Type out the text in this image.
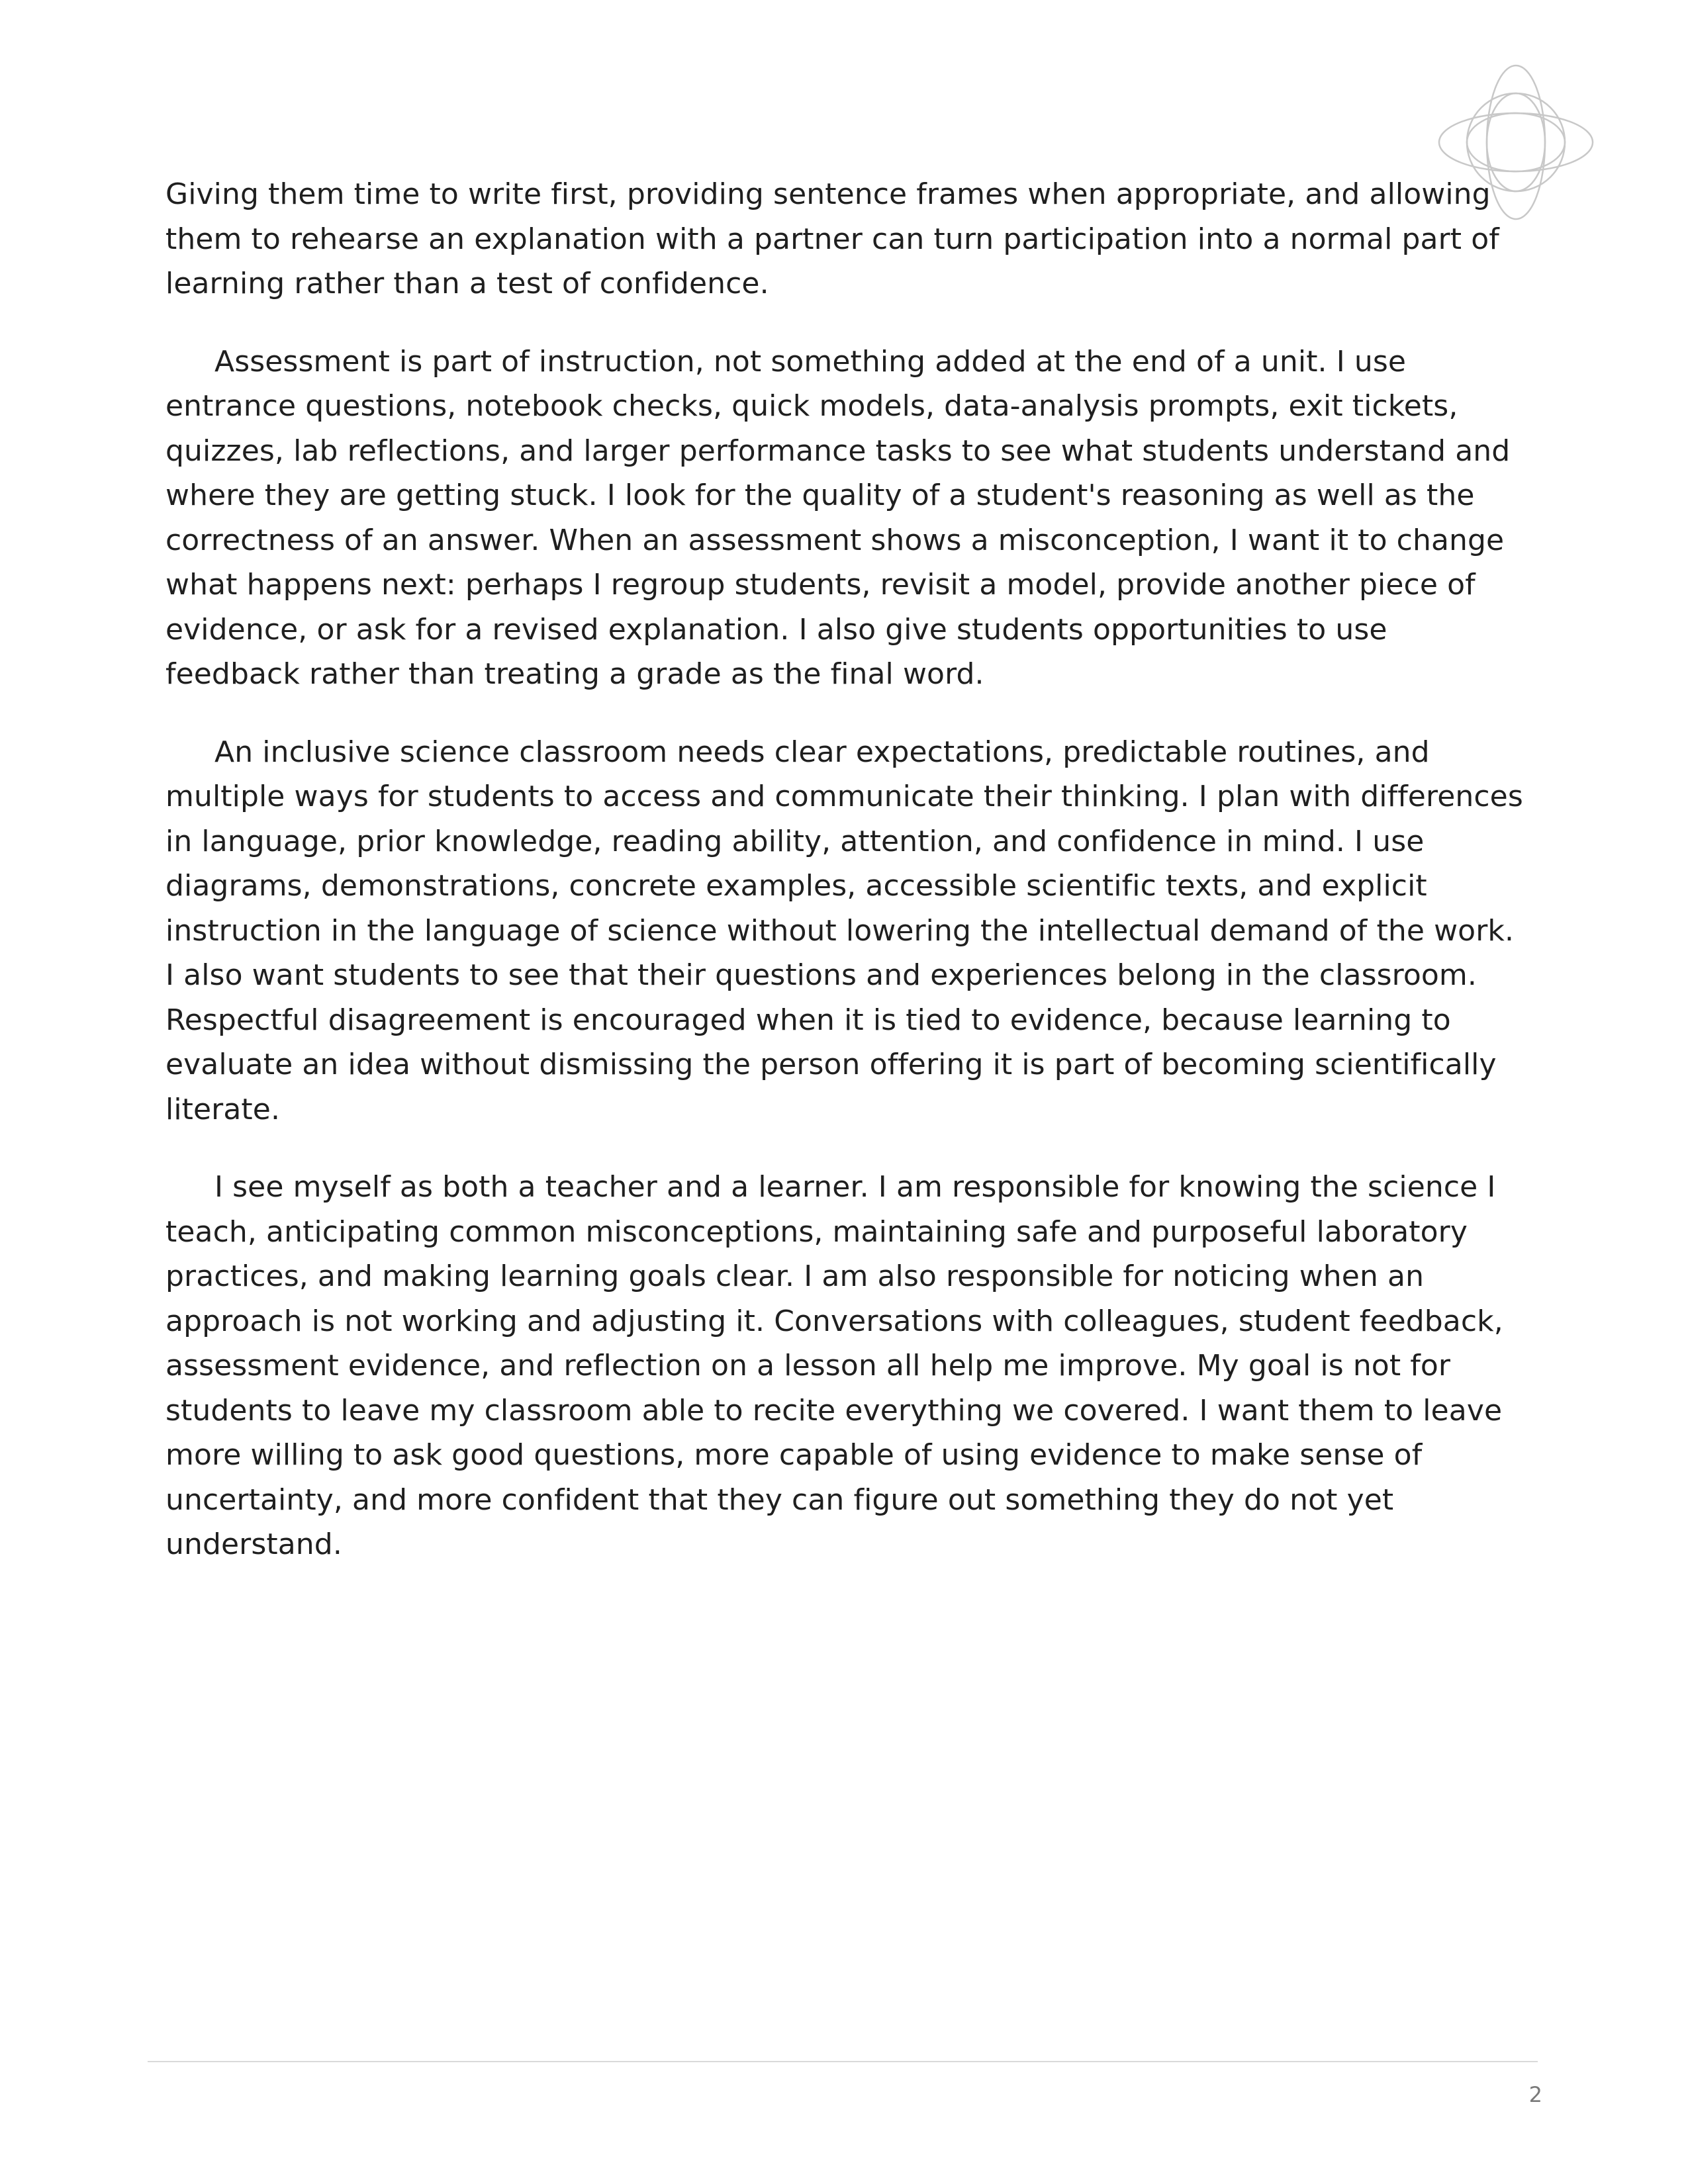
Giving them time to write first, providing sentence frames when appropriate, and allowing them to rehearse an explanation with a partner can turn participation into a normal part of learning rather than a test of confidence.

Assessment is part of instruction, not something added at the end of a unit. I use entrance questions, notebook checks, quick models, data-analysis prompts, exit tickets, quizzes, lab reflections, and larger performance tasks to see what students understand and where they are getting stuck. I look for the quality of a student's reasoning as well as the correctness of an answer. When an assessment shows a misconception, I want it to change what happens next: perhaps I regroup students, revisit a model, provide another piece of evidence, or ask for a revised explanation. I also give students opportunities to use feedback rather than treating a grade as the final word.

An inclusive science classroom needs clear expectations, predictable routines, and multiple ways for students to access and communicate their thinking. I plan with differences in language, prior knowledge, reading ability, attention, and confidence in mind. I use diagrams, demonstrations, concrete examples, accessible scientific texts, and explicit instruction in the language of science without lowering the intellectual demand of the work. I also want students to see that their questions and experiences belong in the classroom. Respectful disagreement is encouraged when it is tied to evidence, because learning to evaluate an idea without dismissing the person offering it is part of becoming scientifically literate.

I see myself as both a teacher and a learner. I am responsible for knowing the science I teach, anticipating common misconceptions, maintaining safe and purposeful laboratory practices, and making learning goals clear. I am also responsible for noticing when an approach is not working and adjusting it. Conversations with colleagues, student feedback, assessment evidence, and reflection on a lesson all help me improve. My goal is not for students to leave my classroom able to recite everything we covered. I want them to leave more willing to ask good questions, more capable of using evidence to make sense of uncertainty, and more confident that they can figure out something they do not yet understand.

2
